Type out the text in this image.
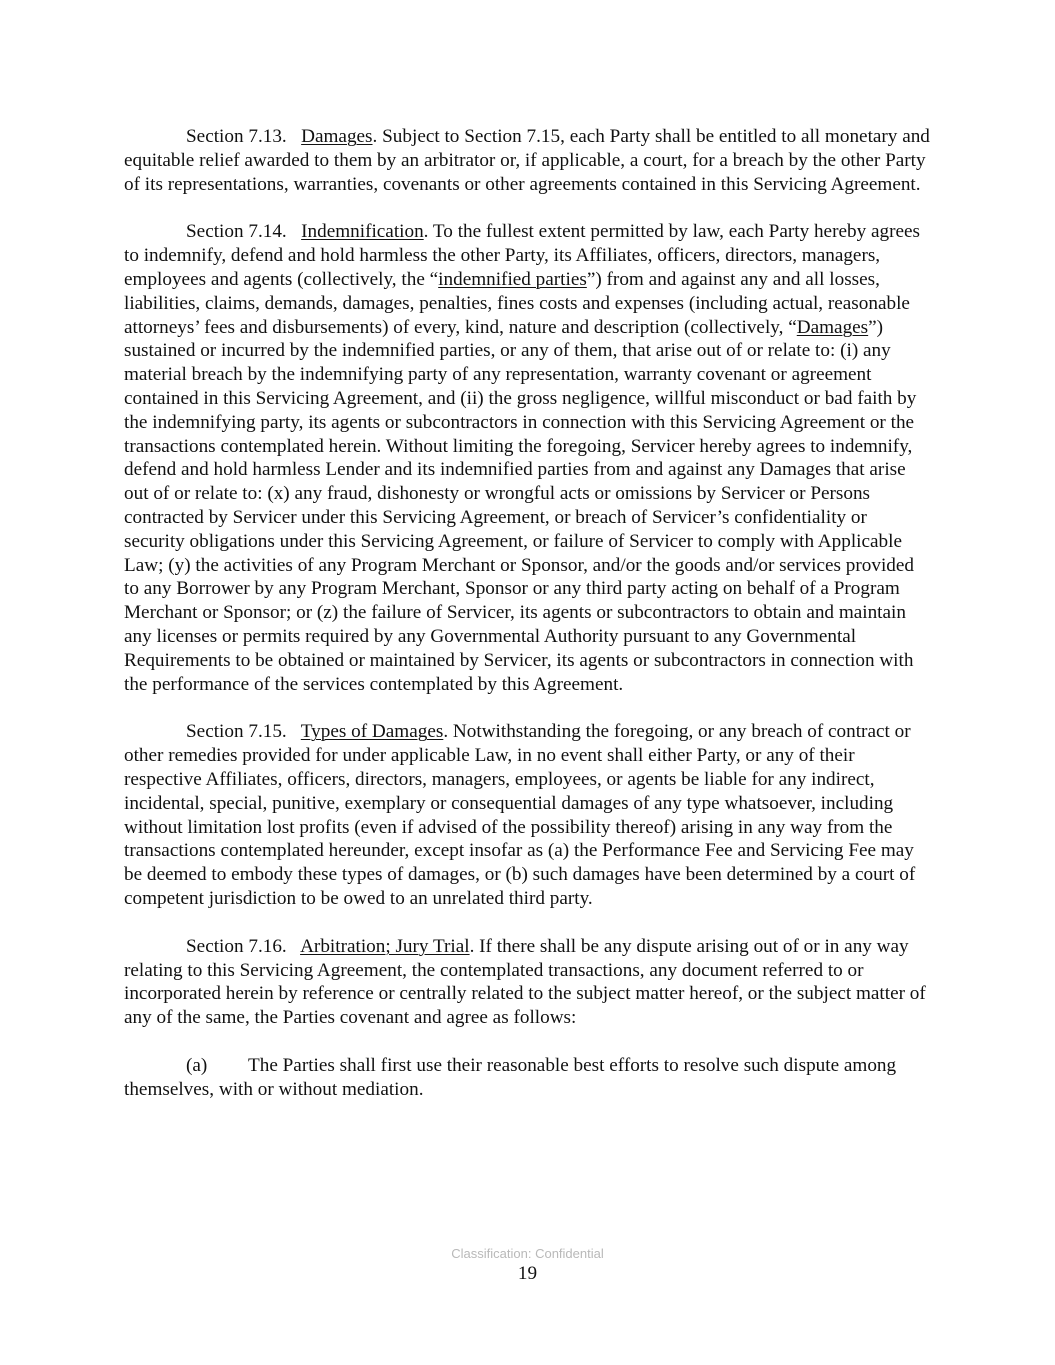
Section 7.13. Damages. Subject to Section 7.15, each Party shall be entitled to all monetary and equitable relief awarded to them by an arbitrator or, if applicable, a court, for a breach by the other Party of its representations, warranties, covenants or other agreements contained in this Servicing Agreement.

Section 7.14. Indemnification. To the fullest extent permitted by law, each Party hereby agrees to indemnify, defend and hold harmless the other Party, its Affiliates, officers, directors, managers, employees and agents (collectively, the “indemnified parties”) from and against any and all losses, liabilities, claims, demands, damages, penalties, fines costs and expenses (including actual, reasonable attorneys’ fees and disbursements) of every, kind, nature and description (collectively, “Damages”) sustained or incurred by the indemnified parties, or any of them, that arise out of or relate to: (i) any material breach by the indemnifying party of any representation, warranty covenant or agreement contained in this Servicing Agreement, and (ii) the gross negligence, willful misconduct or bad faith by the indemnifying party, its agents or subcontractors in connection with this Servicing Agreement or the transactions contemplated herein. Without limiting the foregoing, Servicer hereby agrees to indemnify, defend and hold harmless Lender and its indemnified parties from and against any Damages that arise out of or relate to: (x) any fraud, dishonesty or wrongful acts or omissions by Servicer or Persons contracted by Servicer under this Servicing Agreement, or breach of Servicer’s confidentiality or security obligations under this Servicing Agreement, or failure of Servicer to comply with Applicable Law; (y) the activities of any Program Merchant or Sponsor, and/or the goods and/or services provided to any Borrower by any Program Merchant, Sponsor or any third party acting on behalf of a Program Merchant or Sponsor; or (z) the failure of Servicer, its agents or subcontractors to obtain and maintain any licenses or permits required by any Governmental Authority pursuant to any Governmental Requirements to be obtained or maintained by Servicer, its agents or subcontractors in connection with the performance of the services contemplated by this Agreement.

Section 7.15. Types of Damages. Notwithstanding the foregoing, or any breach of contract or other remedies provided for under applicable Law, in no event shall either Party, or any of their respective Affiliates, officers, directors, managers, employees, or agents be liable for any indirect, incidental, special, punitive, exemplary or consequential damages of any type whatsoever, including without limitation lost profits (even if advised of the possibility thereof) arising in any way from the transactions contemplated hereunder, except insofar as (a) the Performance Fee and Servicing Fee may be deemed to embody these types of damages, or (b) such damages have been determined by a court of competent jurisdiction to be owed to an unrelated third party.

Section 7.16. Arbitration; Jury Trial. If there shall be any dispute arising out of or in any way relating to this Servicing Agreement, the contemplated transactions, any document referred to or incorporated herein by reference or centrally related to the subject matter hereof, or the subject matter of any of the same, the Parties covenant and agree as follows:

(a) The Parties shall first use their reasonable best efforts to resolve such dispute among themselves, with or without mediation.

Classification: Confidential
19
